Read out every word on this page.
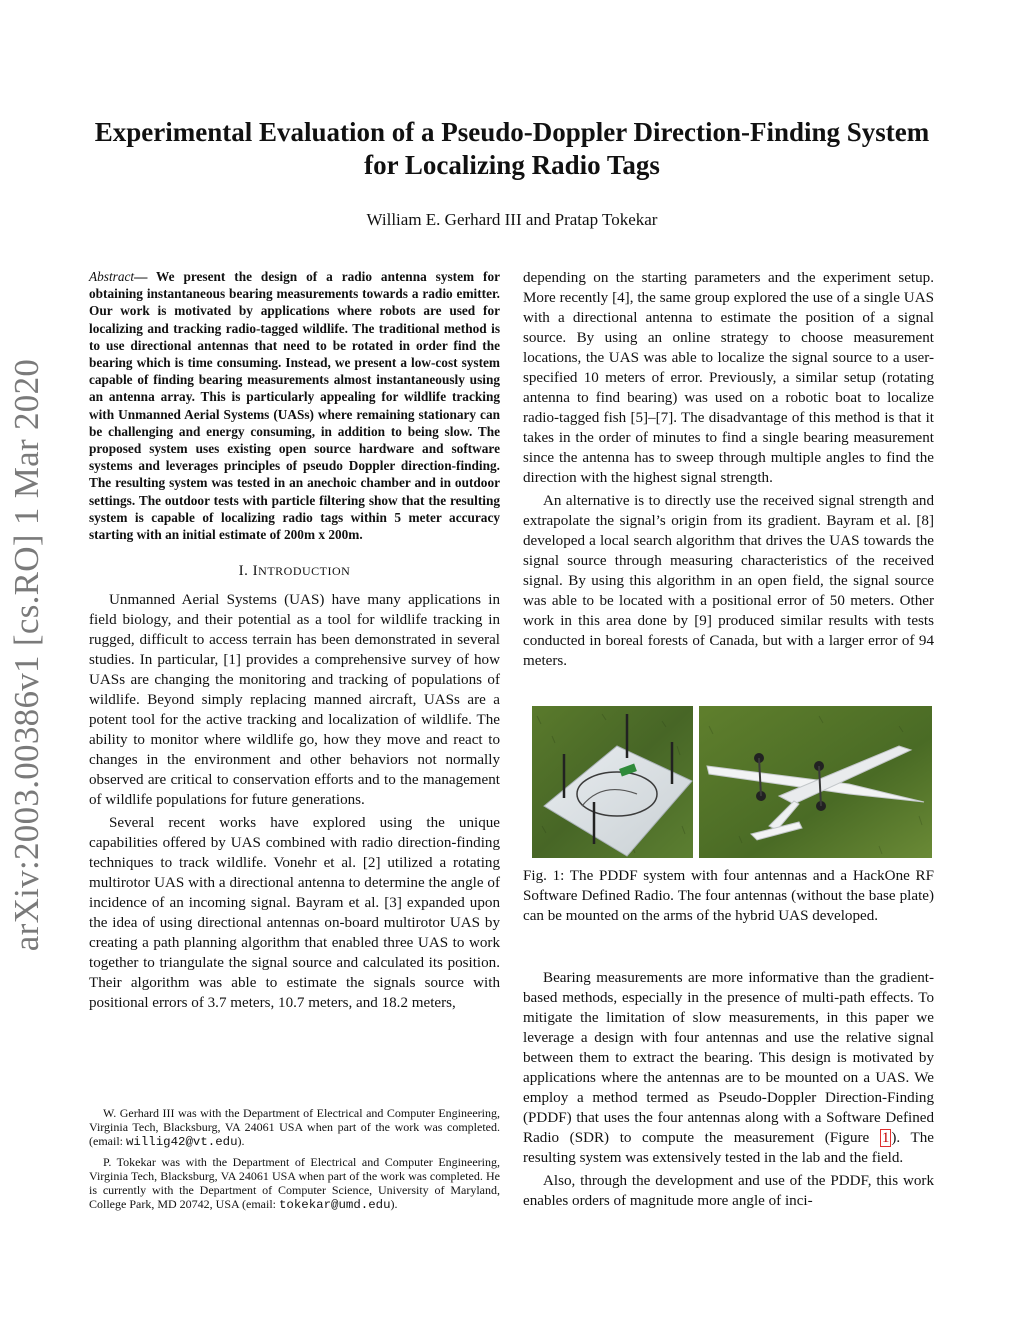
arXiv:2003.00386v1 [cs.RO] 1 Mar 2020
Experimental Evaluation of a Pseudo-Doppler Direction-Finding System
for Localizing Radio Tags
William E. Gerhard III and Pratap Tokekar

Abstract— We present the design of a radio antenna system for obtaining instantaneous bearing measurements towards a radio emitter. Our work is motivated by applications where robots are used for localizing and tracking radio-tagged wildlife. The traditional method is to use directional antennas that need to be rotated in order find the bearing which is time consuming. Instead, we present a low-cost system capable of finding bearing measurements almost instantaneously using an antenna array. This is particularly appealing for wildlife tracking with Unmanned Aerial Systems (UASs) where remaining stationary can be challenging and energy consuming, in addition to being slow. The proposed system uses existing open source hardware and software systems and leverages principles of pseudo Doppler direction-finding. The resulting system was tested in an anechoic chamber and in outdoor settings. The outdoor tests with particle filtering show that the resulting system is capable of localizing radio tags within 5 meter accuracy starting with an initial estimate of 200m x 200m.

I. INTRODUCTION

Unmanned Aerial Systems (UAS) have many applications in field biology, and their potential as a tool for wildlife tracking in rugged, difficult to access terrain has been demonstrated in several studies. In particular, [1] provides a comprehensive survey of how UASs are changing the monitoring and tracking of populations of wildlife. Beyond simply replacing manned aircraft, UASs are a potent tool for the active tracking and localization of wildlife. The ability to monitor where wildlife go, how they move and react to changes in the environment and other behaviors not normally observed are critical to conservation efforts and to the management of wildlife populations for future generations.

Several recent works have explored using the unique capabilities offered by UAS combined with radio direction-finding techniques to track wildlife. Vonehr et al. [2] utilized a rotating multirotor UAS with a directional antenna to determine the angle of incidence of an incoming signal. Bayram et al. [3] expanded upon the idea of using directional antennas on-board multirotor UAS by creating a path planning algorithm that enabled three UAS to work together to triangulate the signal source and calculated its position. Their algorithm was able to estimate the signals source with positional errors of 3.7 meters, 10.7 meters, and 18.2 meters,

W. Gerhard III was with the Department of Electrical and Computer Engineering, Virginia Tech, Blacksburg, VA 24061 USA when part of the work was completed. (email: willig42@vt.edu).

P. Tokekar was with the Department of Electrical and Computer Engineering, Virginia Tech, Blacksburg, VA 24061 USA when part of the work was completed. He is currently with the Department of Computer Science, University of Maryland, College Park, MD 20742, USA (email: tokekar@umd.edu).

depending on the starting parameters and the experiment setup. More recently [4], the same group explored the use of a single UAS with a directional antenna to estimate the position of a signal source. By using an online strategy to choose measurement locations, the UAS was able to localize the signal source to a user-specified 10 meters of error. Previously, a similar setup (rotating antenna to find bearing) was used on a robotic boat to localize radio-tagged fish [5]–[7]. The disadvantage of this method is that it takes in the order of minutes to find a single bearing measurement since the antenna has to sweep through multiple angles to find the direction with the highest signal strength.

An alternative is to directly use the received signal strength and extrapolate the signal’s origin from its gradient. Bayram et al. [8] developed a local search algorithm that drives the UAS towards the signal source through measuring characteristics of the received signal. By using this algorithm in an open field, the signal source was able to be located with a positional error of 50 meters. Other work in this area done by [9] produced similar results with tests conducted in boreal forests of Canada, but with a larger error of 94 meters.

Fig. 1: The PDDF system with four antennas and a HackOne RF Software Defined Radio. The four antennas (without the base plate) can be mounted on the arms of the hybrid UAS developed.

Bearing measurements are more informative than the gradient-based methods, especially in the presence of multi-path effects. To mitigate the limitation of slow measurements, in this paper we leverage a design with four antennas and use the relative signal between them to extract the bearing. This design is motivated by applications where the antennas are to be mounted on a UAS. We employ a method termed as Pseudo-Doppler Direction-Finding (PDDF) that uses the four antennas along with a Software Defined Radio (SDR) to compute the measurement (Figure 1 ). The resulting system was extensively tested in the lab and the field.

Also, through the development and use of the PDDF, this work enables orders of magnitude more angle of inci-
